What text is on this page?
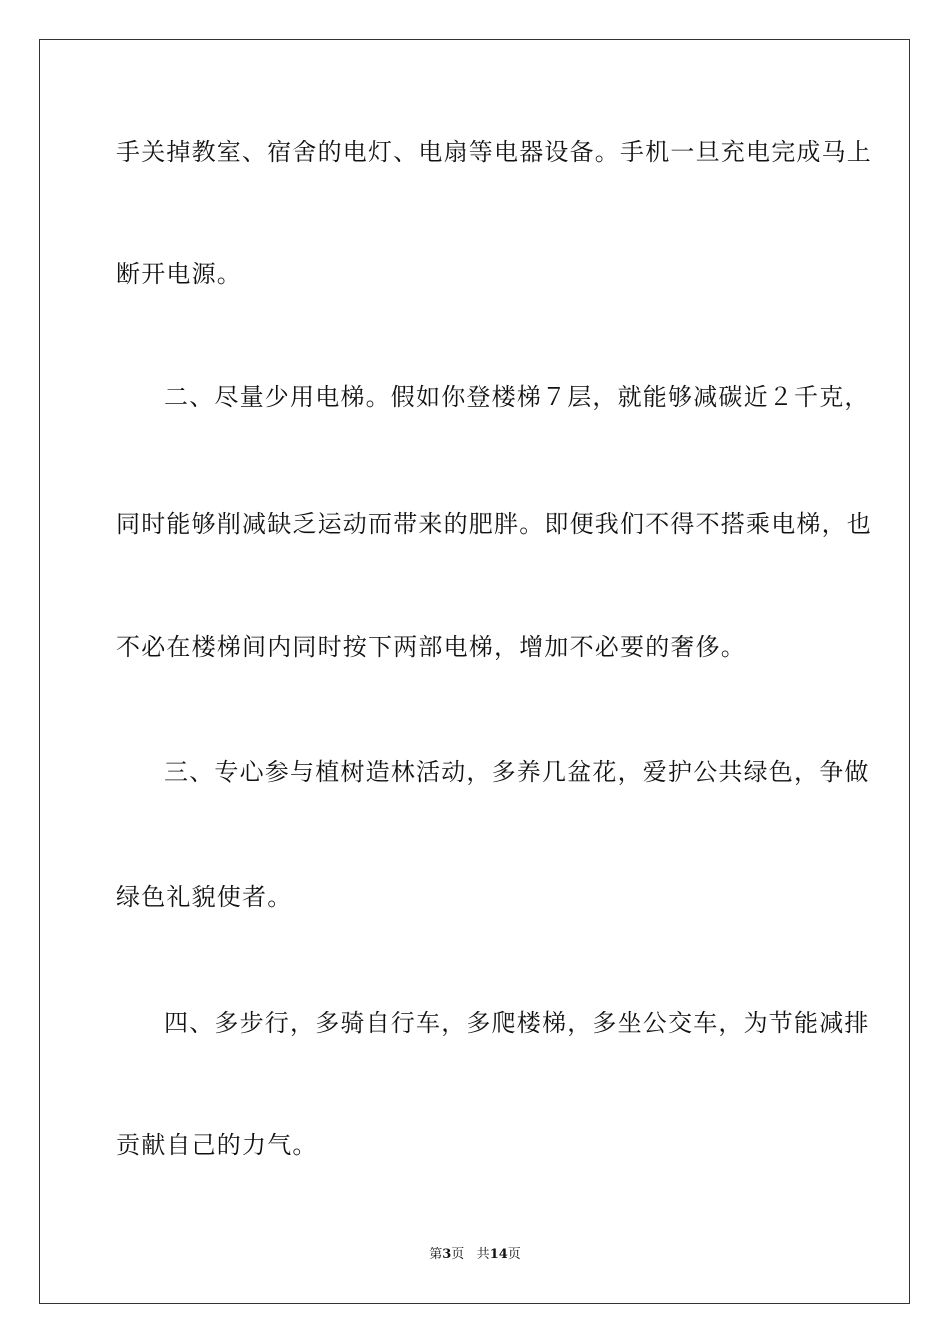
手关掉教室、宿舍的电灯、电扇等电器设备。手机一旦充电完成马上
断开电源。
二、尽量少用电梯。假如你登楼梯７层，就能够减碳近２千克，
同时能够削减缺乏运动而带来的肥胖。即便我们不得不搭乘电梯，也
不必在楼梯间内同时按下两部电梯，增加不必要的奢侈。
三、专心参与植树造林活动，多养几盆花，爱护公共绿色，争做
绿色礼貌使者。
四、多步行，多骑自行车，多爬楼梯，多坐公交车，为节能减排
贡献自己的力气。
第3页 共14页
